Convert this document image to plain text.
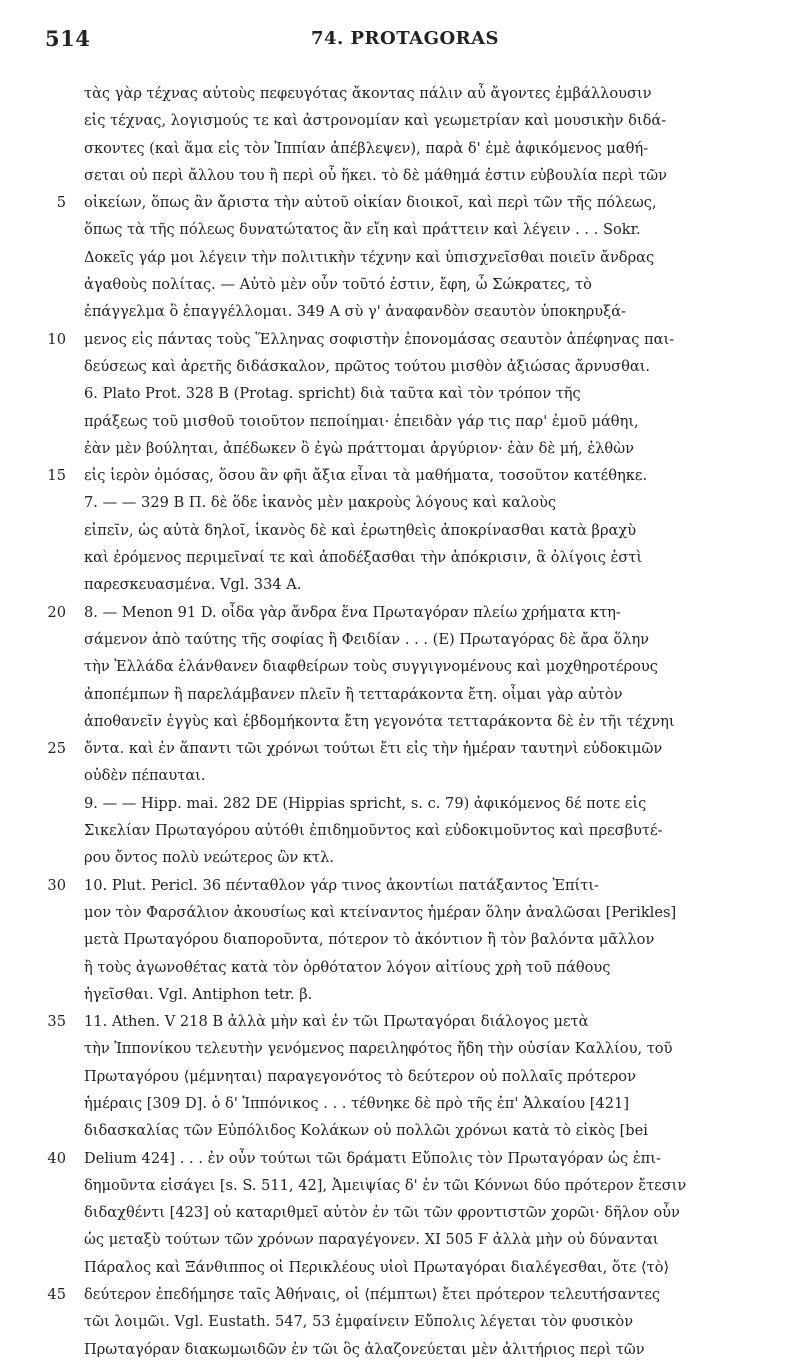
514	74. PROTAGORAS
τὰς γὰρ τέχνας αὐτοὺς πεφευγότας ἄκοντας πάλιν αὖ ἄγοντες ἐμβάλλουσιν
εἰς τέχνας, λογισμούς τε καὶ ἀστρονομίαν καὶ γεωμετρίαν καὶ μουσικὴν διδά-
σκοντες (καὶ ἅμα εἰς τὸν Ἱππίαν ἀπέβλεψεν), παρὰ δ' ἐμὲ ἀφικόμενος μαθή-
σεται οὐ περὶ ἄλλου του ἢ περὶ οὗ ἥκει. τὸ δὲ μάθημά ἐστιν εὐβουλία περὶ τῶν
5 οἰκείων, ὅπως ἂν ἄριστα τὴν αὑτοῦ οἰκίαν διοικοῖ, καὶ περὶ τῶν τῆς πόλεως,
ὅπως τὰ τῆς πόλεως δυνατώτατος ἂν εἴη καὶ πράττειν καὶ λέγειν . . . Sokr.
Δοκεῖς γάρ μοι λέγειν τὴν πολιτικὴν τέχνην καὶ ὑπισχνεῖσθαι ποιεῖν ἄνδρας
ἀγαθοὺς πολίτας. — Αὐτὸ μὲν οὖν τοῦτό ἐστιν, ἔφη, ὦ Σώκρατες, τὸ
ἐπάγγελμα ὃ ἐπαγγέλλομαι. 349 A σὺ γ' ἀναφανδὸν σεαυτὸν ὑποκηρυξά-
10 μενος εἰς πάντας τοὺς Ἕλληνας σοφιστὴν ἐπονομάσας σεαυτὸν ἀπέφηνας παι-
δεύσεως καὶ ἀρετῆς διδάσκαλον, πρῶτος τούτου μισθὸν ἀξιώσας ἄρνυσθαι.
6. Plato Prot. 328 B (Protag. spricht) διὰ ταῦτα καὶ τὸν τρόπον τῆς
πράξεως τοῦ μισθοῦ τοιοῦτον πεποίημαι· ἐπειδὰν γάρ τις παρ' ἐμοῦ μάθηι,
ἐὰν μὲν βούληται, ἀπέδωκεν ὃ ἐγὼ πράττομαι ἀργύριον· ἐὰν δὲ μή, ἐλθὼν
15 εἰς ἱερὸν ὀμόσας, ὅσου ἂν φῆι ἄξια εἶναι τὰ μαθήματα, τοσοῦτον κατέθηκε.
7. — — 329 B Π. δὲ ὅδε ἱκανὸς μὲν μακροὺς λόγους καὶ καλοὺς
εἰπεῖν, ὡς αὐτὰ δηλοῖ, ἱκανὸς δὲ καὶ ἐρωτηθεὶς ἀποκρίνασθαι κατὰ βραχὺ
καὶ ἐρόμενος περιμεῖναί τε καὶ ἀποδέξασθαι τὴν ἀπόκρισιν, ἃ ὀλίγοις ἐστὶ
παρεσκευασμένα. Vgl. 334 A.
20 8. — Menon 91 D. οἶδα γὰρ ἄνδρα ἕνα Πρωταγόραν πλείω χρήματα κτη-
σάμενον ἀπὸ ταύτης τῆς σοφίας ἢ Φειδίαν . . . (E) Πρωταγόρας δὲ ἄρα ὅλην
τὴν Ἑλλάδα ἐλάνθανεν διαφθείρων τοὺς συγγιγνομένους καὶ μοχθηροτέρους
ἀποπέμπων ἢ παρελάμβανεν πλεῖν ἢ τετταράκοντα ἔτη. οἶμαι γὰρ αὐτὸν
ἀποθανεῖν ἐγγὺς καὶ ἑβδομήκοντα ἔτη γεγονότα τετταράκοντα δὲ ἐν τῆι τέχνηι
25 ὄντα. καὶ ἐν ἅπαντι τῶι χρόνωι τούτωι ἔτι εἰς τὴν ἡμέραν ταυτηνὶ εὐδοκιμῶν
οὐδὲν πέπαυται.
9. — — Hipp. mai. 282 DE (Hippias spricht, s. c. 79) ἀφικόμενος δέ ποτε εἰς
Σικελίαν Πρωταγόρου αὐτόθι ἐπιδημοῦντος καὶ εὐδοκιμοῦντος καὶ πρεσβυτέ-
ρου ὄντος πολὺ νεώτερος ὢν κτλ.
30 10. Plut. Pericl. 36 πένταθλον γάρ τινος ἀκοντίωι πατάξαντος Ἐπίτι-
μον τὸν Φαρσάλιον ἀκουσίως καὶ κτείναντος ἡμέραν ὅλην ἀναλῶσαι [Perikles]
μετὰ Πρωταγόρου διαποροῦντα, πότερον τὸ ἀκόντιον ἢ τὸν βαλόντα μᾶλλον
ἢ τοὺς ἀγωνοθέτας κατὰ τὸν ὀρθότατον λόγον αἰτίους χρὴ τοῦ πάθους
ἡγεῖσθαι. Vgl. Antiphon tetr. β.
35 11. Athen. V 218 B ἀλλὰ μὴν καὶ ἐν τῶι Πρωταγόραι διάλογος μετὰ
τὴν Ἱππονίκου τελευτὴν γενόμενος παρειληφότος ἤδη τὴν οὐσίαν Καλλίου, τοῦ
Πρωταγόρου ⟨μέμνηται⟩ παραγεγονότος τὸ δεύτερον οὐ πολλαῖς πρότερον
ἡμέραις [309 D]. ὁ δ' Ἱππόνικος . . . τέθνηκε δὲ πρὸ τῆς ἐπ' Ἀλκαίου [421]
διδασκαλίας τῶν Εὐπόλιδος Κολάκων οὐ πολλῶι χρόνωι κατὰ τὸ εἰκὸς [bei
40 Delium 424] . . . ἐν οὖν τούτωι τῶι δράματι Εὔπολις τὸν Πρωταγόραν ὡς ἐπι-
δημοῦντα εἰσάγει [s. S. 511, 42], Ἀμειψίας δ' ἐν τῶι Κόννωι δύο πρότερον ἔτεσιν
διδαχθέντι [423] οὐ καταριθμεῖ αὐτὸν ἐν τῶι τῶν φροντιστῶν χορῶι· δῆλον οὖν
ὡς μεταξὺ τούτων τῶν χρόνων παραγέγονεν. XI 505 F ἀλλὰ μὴν οὐ δύνανται
Πάραλος καὶ Ξάνθιππος οἱ Περικλέους υἱοὶ Πρωταγόραι διαλέγεσθαι, ὅτε ⟨τὸ⟩
45 δεύτερον ἐπεδήμησε ταῖς Ἀθήναις, οἱ ⟨πέμπτωι⟩ ἔτει πρότερον τελευτήσαντες
τῶι λοιμῶι. Vgl. Eustath. 547, 53 ἐμφαίνειν Εὔπολις λέγεται τὸν φυσικὸν
Πρωταγόραν διακωμωιδῶν ἐν τῶι ὃς ἀλαζονεύεται μὲν ἀλιτήριος περὶ τῶν
